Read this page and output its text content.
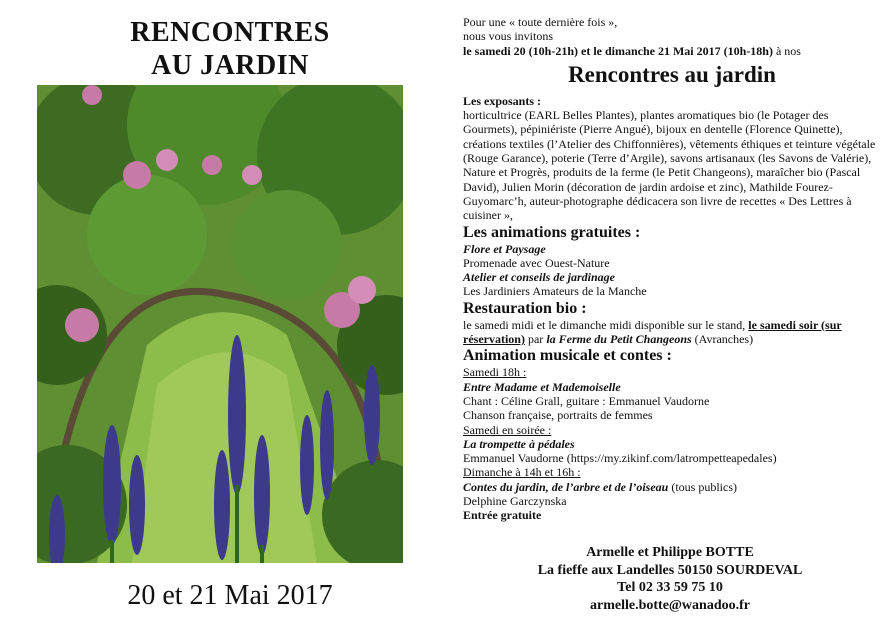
RENCONTRES
AU JARDIN
20 et 21 Mai 2017
Pour une « toute dernière fois »,
nous vous invitons
le samedi 20 (10h-21h) et le dimanche 21 Mai 2017 (10h-18h) à nos
Rencontres au jardin
Les exposants :
horticultrice (EARL Belles Plantes), plantes aromatiques bio (le Potager des Gourmets), pépiniériste (Pierre Angué), bijoux en dentelle (Florence Quinette), créations textiles (l’Atelier des Chiffonnières), vêtements éthiques et teinture végétale (Rouge Garance), poterie (Terre d’Argile), savons artisanaux (les Savons de Valérie), Nature et Progrès, produits de la ferme (le Petit Changeons), maraîcher bio (Pascal David), Julien Morin (décoration de jardin ardoise et zinc), Mathilde Fourez-Guyomarc’h, auteur-photographe dédicacera son livre de recettes « Des Lettres à cuisiner »,
Les animations gratuites :
Flore et Paysage
Promenade avec Ouest-Nature
Atelier et conseils de jardinage
Les Jardiniers Amateurs de la Manche
Restauration bio :
le samedi midi et le dimanche midi disponible sur le stand, le samedi soir (sur réservation) par la Ferme du Petit Changeons (Avranches)
Animation musicale et contes :
Samedi 18h :
Entre Madame et Mademoiselle
Chant : Céline Grall, guitare : Emmanuel Vaudorne
Chanson française, portraits de femmes
Samedi en soirée :
La trompette à pédales
Emmanuel Vaudorne (https://my.zikinf.com/latrompetteapedales)
Dimanche à 14h et 16h :
Contes du jardin, de l’arbre et de l’oiseau (tous publics)
Delphine Garczynska
Entrée gratuite
Armelle et Philippe BOTTE
La fieffe aux Landelles 50150 SOURDEVAL
Tel 02 33 59 75 10
armelle.botte@wanadoo.fr
